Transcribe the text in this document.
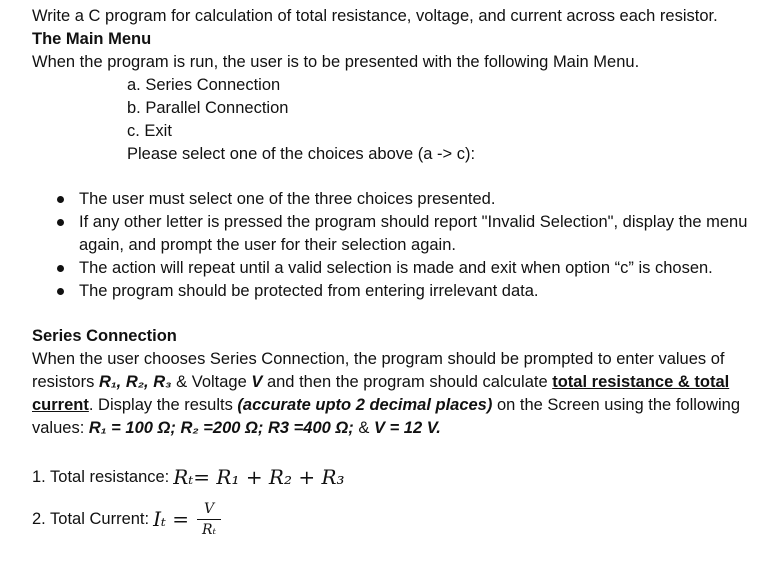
Write a C program for calculation of total resistance, voltage, and current across each resistor.

The Main Menu

When the program is run, the user is to be presented with the following Main Menu.

a. Series Connection

b. Parallel Connection

c. Exit

Please select one of the choices above (a -> c):

The user must select one of the three choices presented.
If any other letter is pressed the program should report "Invalid Selection", display the menu again, and prompt the user for their selection again.
The action will repeat until a valid selection is made and exit when option “c” is chosen.
The program should be protected from entering irrelevant data.

Series Connection

When the user chooses Series Connection, the program should be prompted to enter values of resistors R₁, R₂, R₃ & Voltage V and then the program should calculate total resistance & total current. Display the results (accurate upto 2 decimal places) on the Screen using the following values: R₁ = 100 Ω; R₂ =200 Ω; R3 =400 Ω; & V = 12 V.

1. Total resistance: Rₜ= R₁ + R₂ + R₃
2. Total Current: $I_t = \frac{V}{\text{Rₜ}}$
